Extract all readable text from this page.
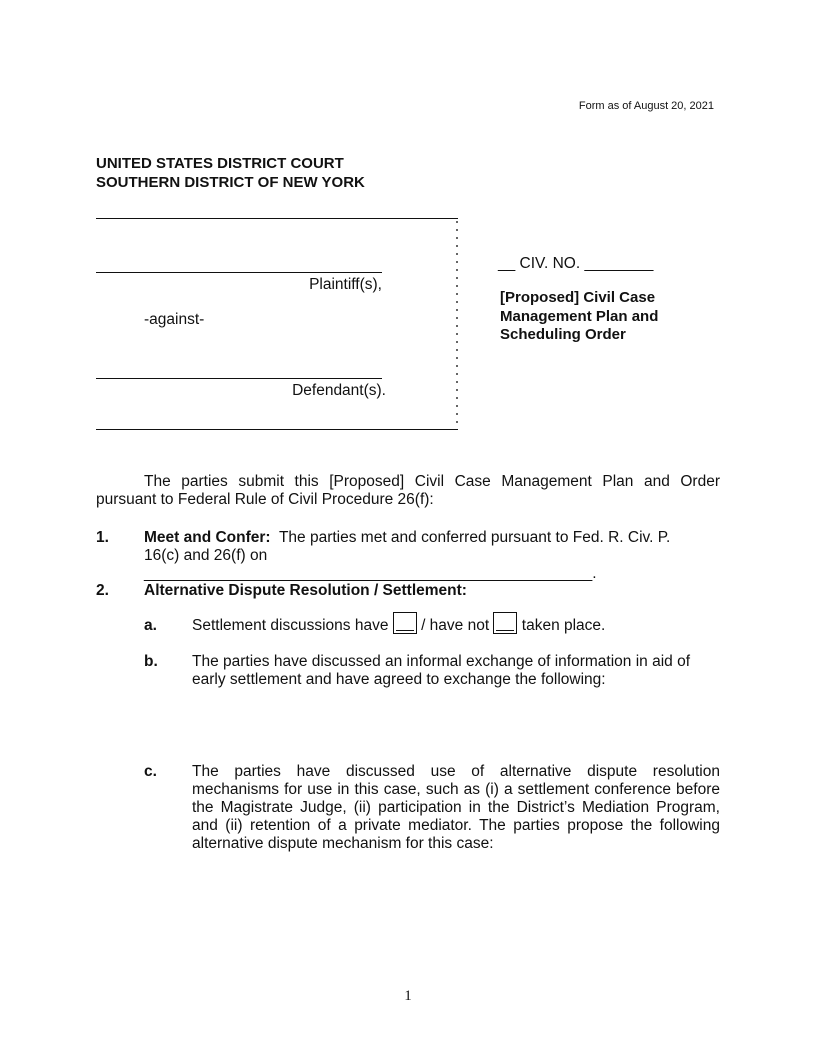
Form as of August 20, 2021
UNITED STATES DISTRICT COURT
SOUTHERN DISTRICT OF NEW YORK
Plaintiff(s),
-against-
Defendant(s).
__ CIV. NO. ________
[Proposed] Civil Case
Management Plan and
Scheduling Order
The parties submit this [Proposed] Civil Case Management Plan and Order pursuant to Federal Rule of Civil Procedure 26(f):
1. Meet and Confer: The parties met and conferred pursuant to Fed. R. Civ. P.
16(c) and 26(f) on ____________________________________________________.
2. Alternative Dispute Resolution / Settlement:
a. Settlement discussions have / have not taken place.
b. The parties have discussed an informal exchange of information in aid of early settlement and have agreed to exchange the following:
c. The parties have discussed use of alternative dispute resolution mechanisms for use in this case, such as (i) a settlement conference before the Magistrate Judge, (ii) participation in the District’s Mediation Program, and (ii) retention of a private mediator. The parties propose the following alternative dispute mechanism for this case:
1
